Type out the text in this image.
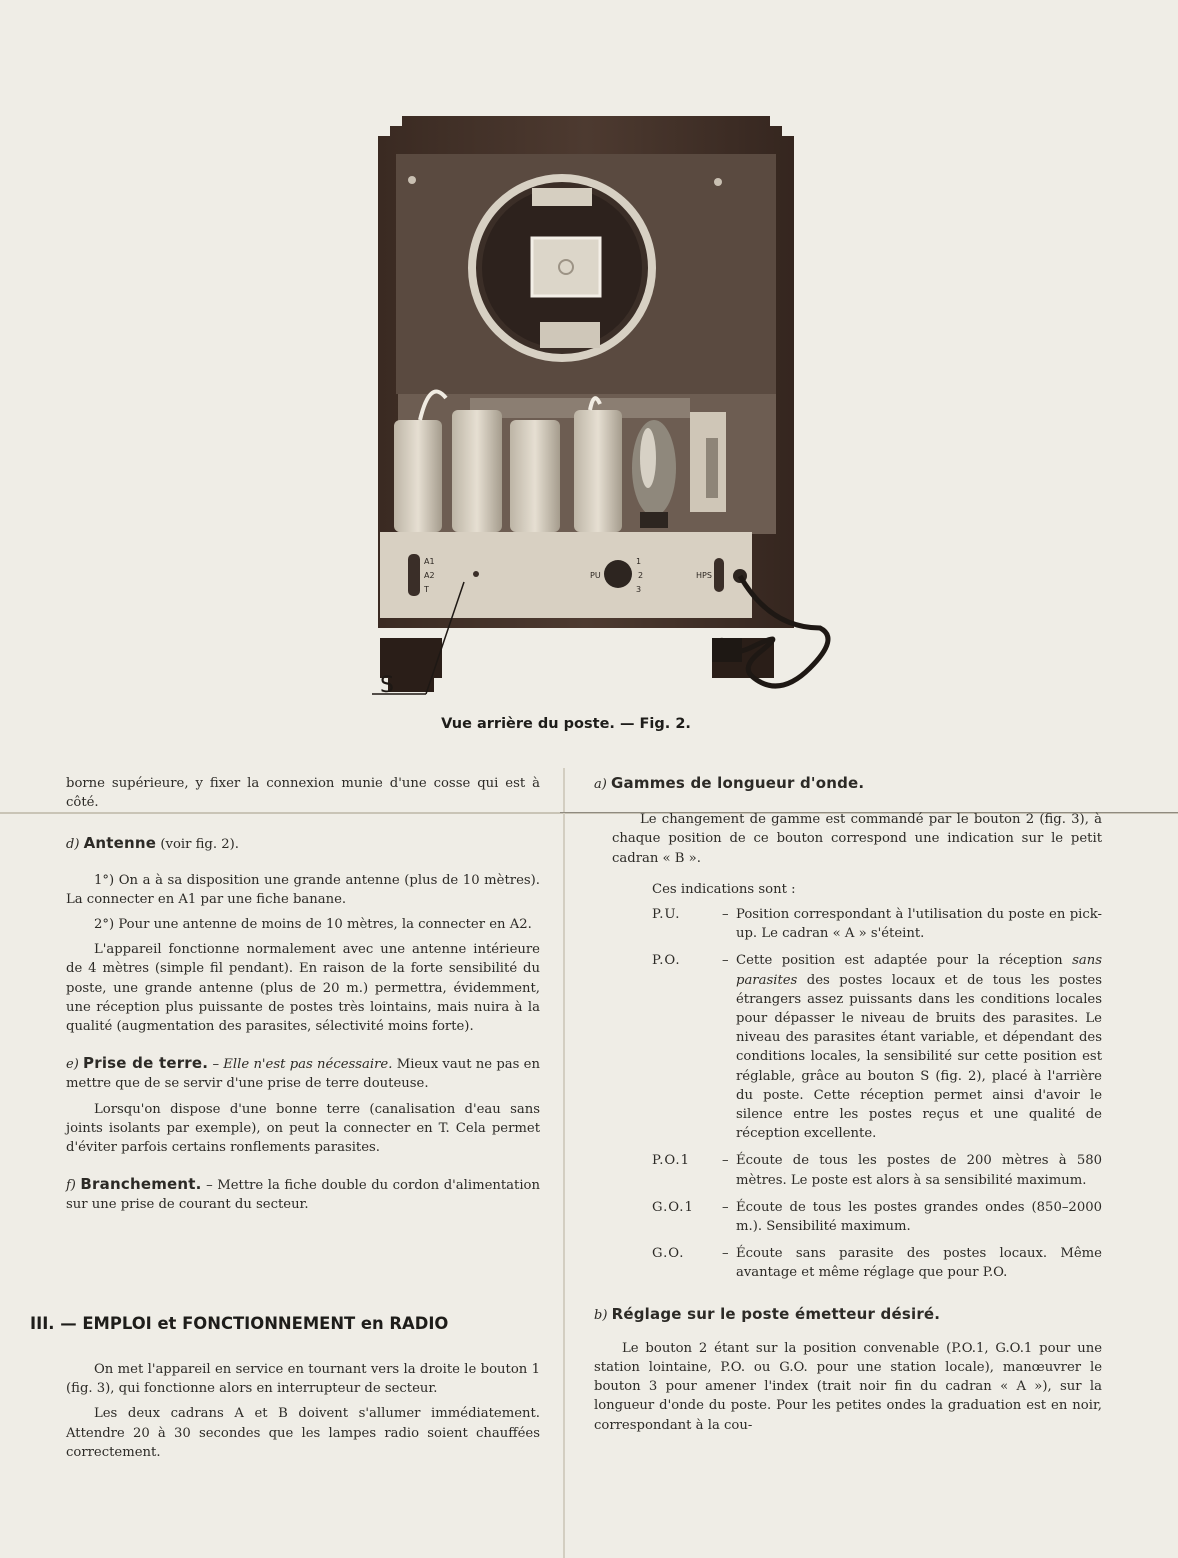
A1
A2
T
PU
1
2
3
HPS
S
Vue arrière du poste. — Fig. 2.

borne supérieure, y fixer la connexion munie d'une cosse qui est à côté.

d) Antenne (voir fig. 2).

1°) On a à sa disposition une grande antenne (plus de 10 mètres). La connecter en A1 par une fiche banane.

2°) Pour une antenne de moins de 10 mètres, la connecter en A2.

L'appareil fonctionne normalement avec une antenne intérieure de 4 mètres (simple fil pendant). En raison de la forte sensibilité du poste, une grande antenne (plus de 20 m.) permettra, évidemment, une réception plus puissante de postes très lointains, mais nuira à la qualité (augmentation des parasites, sélectivité moins forte).

e) Prise de terre. – Elle n'est pas nécessaire. Mieux vaut ne pas en mettre que de se servir d'une prise de terre douteuse.

Lorsqu'on dispose d'une bonne terre (canalisation d'eau sans joints isolants par exemple), on peut la connecter en T. Cela permet d'éviter parfois certains ronflements parasites.

f) Branchement. – Mettre la fiche double du cordon d'alimentation sur une prise de courant du secteur.

III. — EMPLOI et FONCTIONNEMENT en RADIO

On met l'appareil en service en tournant vers la droite le bouton 1 (fig. 3), qui fonctionne alors en interrupteur de secteur.

Les deux cadrans A et B doivent s'allumer immédiatement. Attendre 20 à 30 secondes que les lampes radio soient chauffées correctement.

a) Gammes de longueur d'onde.

Le changement de gamme est commandé par le bouton 2 (fig. 3), à chaque position de ce bouton correspond une indication sur le petit cadran « B ».

Ces indications sont :

P.U.	– Position correspondant à l'utilisation du poste en pick-up. Le cadran « A » s'éteint.
P.O.	– Cette position est adaptée pour la réception sans parasites des postes locaux et de tous les postes étrangers assez puissants dans les conditions locales pour dépasser le niveau de bruits des parasites. Le niveau des parasites étant variable, et dépendant des conditions locales, la sensibilité sur cette position est réglable, grâce au bouton S (fig. 2), placé à l'arrière du poste. Cette réception permet ainsi d'avoir le silence entre les postes reçus et une qualité de réception excellente.
P.O.1	– Écoute de tous les postes de 200 mètres à 580 mètres. Le poste est alors à sa sensibilité maximum.
G.O.1	– Écoute de tous les postes grandes ondes (850–2000 m.). Sensibilité maximum.
G.O.	– Écoute sans parasite des postes locaux. Même avantage et même réglage que pour P.O.

b) Réglage sur le poste émetteur désiré.

Le bouton 2 étant sur la position convenable (P.O.1, G.O.1 pour une station lointaine, P.O. ou G.O. pour une station locale), manœuvrer le bouton 3 pour amener l'index (trait noir fin du cadran « A »), sur la longueur d'onde du poste. Pour les petites ondes la graduation est en noir, correspondant à la cou-
